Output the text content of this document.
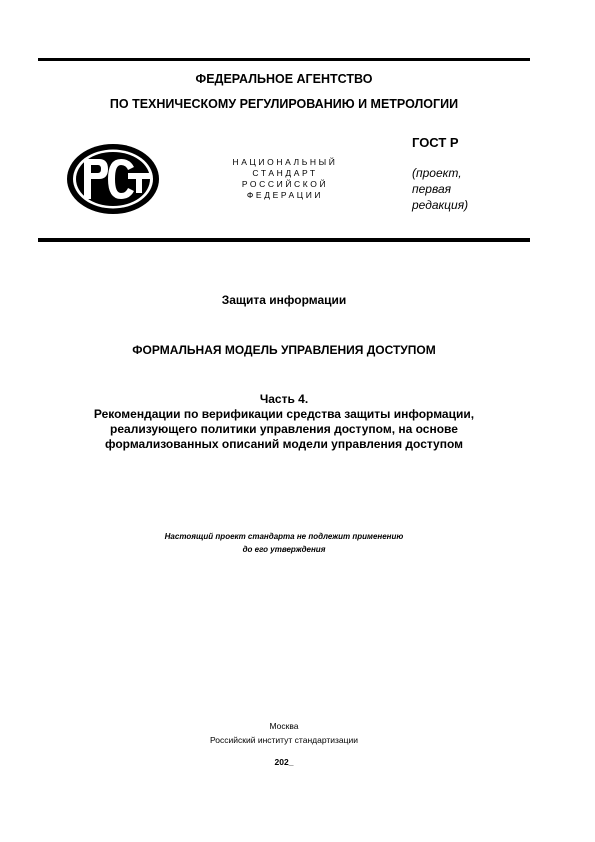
ФЕДЕРАЛЬНОЕ АГЕНТСТВО
ПО ТЕХНИЧЕСКОМУ РЕГУЛИРОВАНИЮ И МЕТРОЛОГИИ
НАЦИОНАЛЬНЫЙ
СТАНДАРТ
РОССИЙСКОЙ
ФЕДЕРАЦИИ
ГОСТ Р
(проект,
первая
редакция)
Защита информации
ФОРМАЛЬНАЯ МОДЕЛЬ УПРАВЛЕНИЯ ДОСТУПОМ
Часть 4.
Рекомендации по верификации средства защиты информации,
реализующего политики управления доступом, на основе
формализованных описаний модели управления доступом
Настоящий проект стандарта не подлежит применению
до его утверждения
Москва
Российский институт стандартизации
202_
